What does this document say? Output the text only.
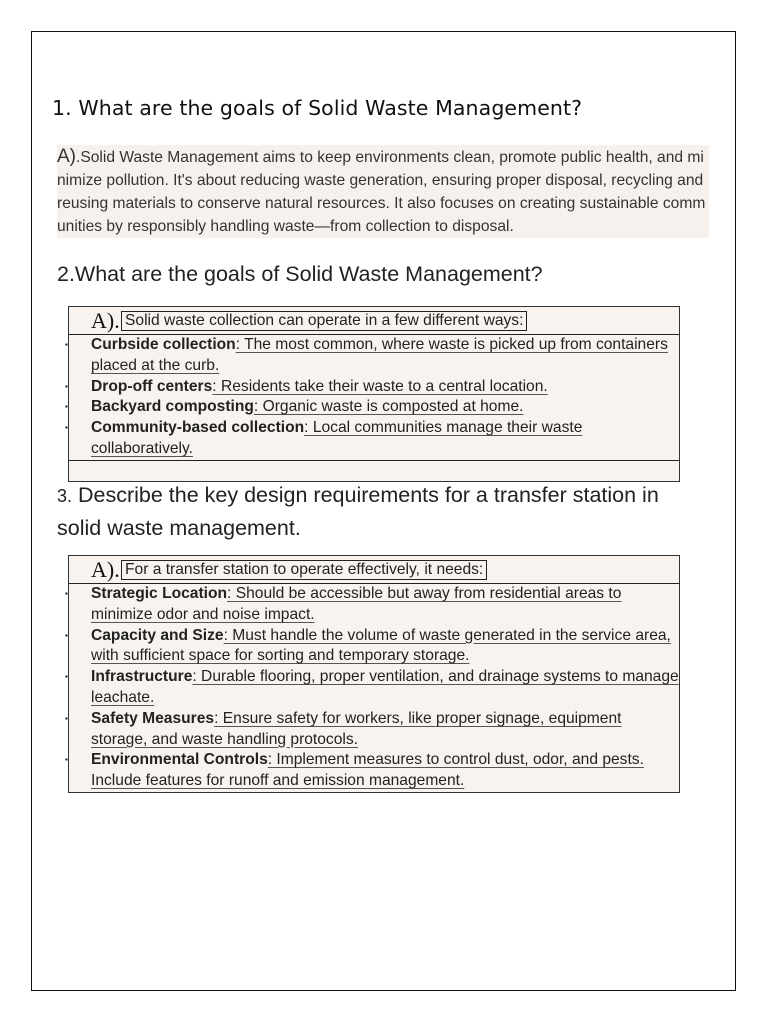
1. What are the goals of Solid Waste Management?
A).Solid Waste Management aims to keep environments clean, promote public health, and minimize pollution. It's about reducing waste generation, ensuring proper disposal, recycling and reusing materials to conserve natural resources. It also focuses on creating sustainable communities by responsibly handling waste—from collection to disposal.
2.What are the goals of Solid Waste Management?
A). Solid waste collection can operate in a few different ways:
▪ Curbside collection: The most common, where waste is picked up from containers placed at the curb.
▪ Drop-off centers: Residents take their waste to a central location.
▪ Backyard composting: Organic waste is composted at home.
▪ Community-based collection: Local communities manage their waste collaboratively.
3. Describe the key design requirements for a transfer station in solid waste management.
A). For a transfer station to operate effectively, it needs:
▪ Strategic Location: Should be accessible but away from residential areas to minimize odor and noise impact.
▪ Capacity and Size: Must handle the volume of waste generated in the service area, with sufficient space for sorting and temporary storage.
▪ Infrastructure: Durable flooring, proper ventilation, and drainage systems to manage leachate.
▪ Safety Measures: Ensure safety for workers, like proper signage, equipment storage, and waste handling protocols.
▪ Environmental Controls: Implement measures to control dust, odor, and pests. Include features for runoff and emission management.
